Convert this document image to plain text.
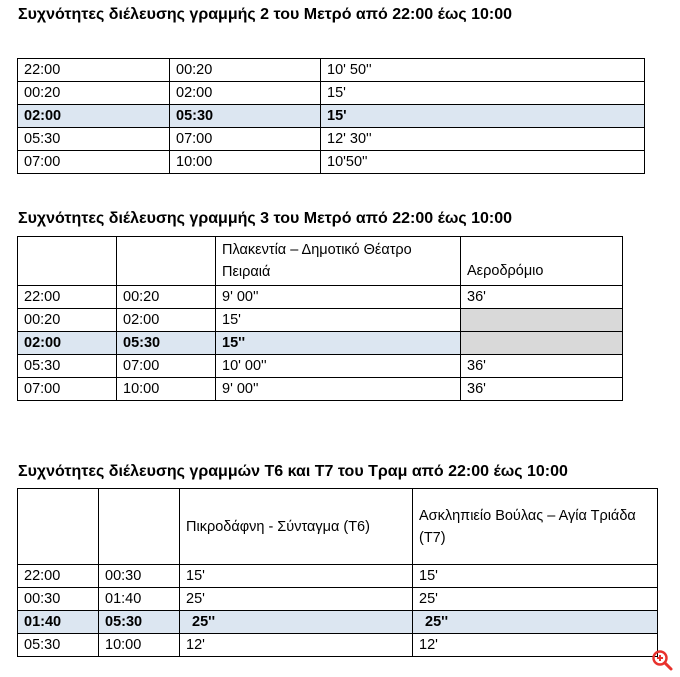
Συχνότητες διέλευσης γραμμής 2 του Μετρό από 22:00 έως 10:00
22:00	00:20	10' 50''
00:20	02:00	15'
02:00	05:30	15'
05:30	07:00	12' 30''
07:00	10:00	10'50''
Συχνότητες διέλευσης γραμμής 3 του Μετρό από 22:00 έως 10:00
		Πλακεντία – Δημοτικό Θέατρο Πειραιά	Αεροδρόμιο
22:00	00:20	9' 00''	36'
00:20	02:00	15'	
02:00	05:30	15''	
05:30	07:00	10' 00''	36'
07:00	10:00	9' 00''	36'
Συχνότητες διέλευσης γραμμών Τ6 και Τ7 του Τραμ από 22:00 έως 10:00
		Πικροδάφνη - Σύνταγμα (Τ6)	Ασκληπιείο Βούλας – Αγία Τριάδα (Τ7)
22:00	00:30	15'	15'
00:30	01:40	25'	25'
01:40	05:30	25''	25''
05:30	10:00	12'	12'
